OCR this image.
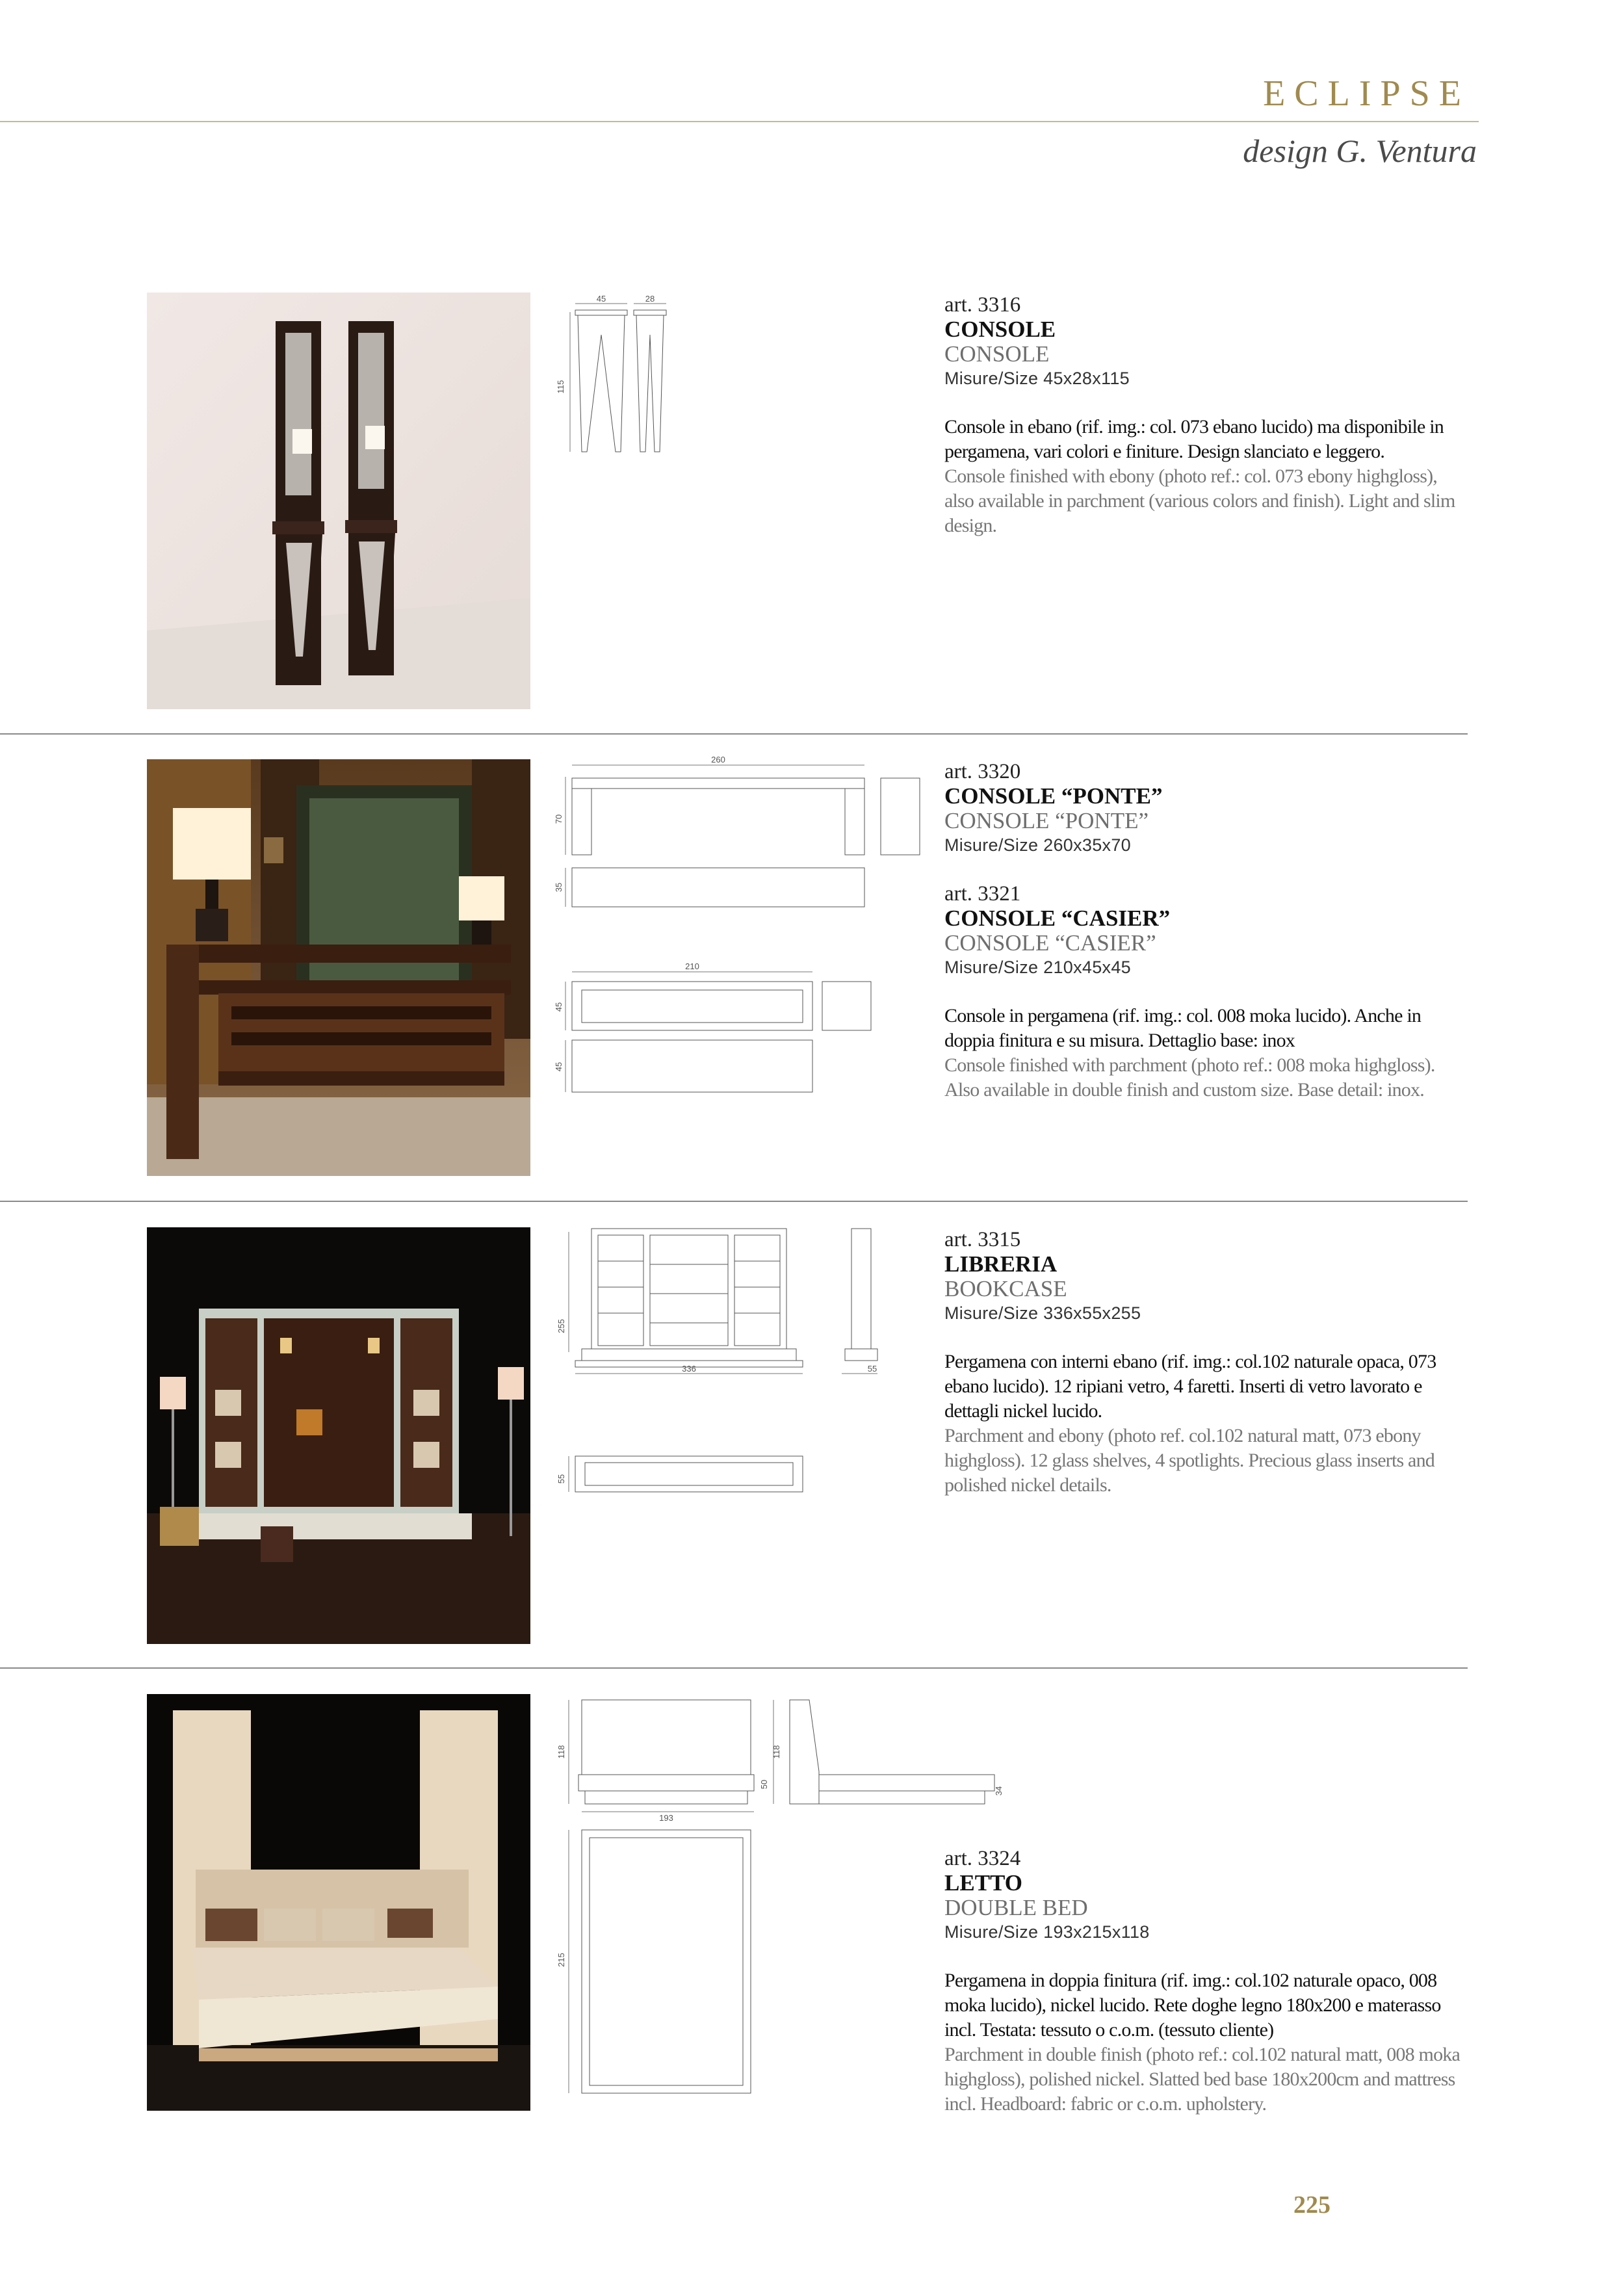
ECLIPSE
design G. Ventura
45	28
115
art. 3316
CONSOLE
CONSOLE
Misure/Size 45x28x115
Console in ebano (rif. img.: col. 073 ebano lucido) ma disponibile in pergamena, vari colori e finiture. Design slanciato e leggero.
Console finished with ebony (photo ref.: col. 073 ebony highgloss), also available in parchment (various colors and finish). Light and slim design.
260
70
35
210
45
45
art. 3320
CONSOLE “PONTE”
CONSOLE “PONTE”
Misure/Size 260x35x70
art. 3321
CONSOLE “CASIER”
CONSOLE “CASIER”
Misure/Size 210x45x45
Console in pergamena (rif. img.: col. 008 moka lucido). Anche in doppia finitura e su misura. Dettaglio base: inox
Console finished with parchment (photo ref.: 008 moka highgloss). Also available in double finish and custom size. Base detail: inox.
255
336	55
55
art. 3315
LIBRERIA
BOOKCASE
Misure/Size 336x55x255
Pergamena con interni ebano (rif. img.: col.102 naturale opaca, 073 ebano lucido). 12 ripiani vetro, 4 faretti. Inserti di vetro lavorato e dettagli nickel lucido.
Parchment and ebony (photo ref. col.102 natural matt, 073 ebony highgloss). 12 glass shelves, 4 spotlights. Precious glass inserts and polished nickel details.
118
193
118
50
34
215
art. 3324
LETTO
DOUBLE BED
Misure/Size 193x215x118
Pergamena in doppia finitura (rif. img.: col.102 naturale opaco, 008 moka lucido), nickel lucido. Rete doghe legno 180x200 e materasso incl. Testata: tessuto o c.o.m. (tessuto cliente)
Parchment in double finish (photo ref.: col.102 natural matt, 008 moka highgloss), polished nickel. Slatted bed base 180x200cm and mattress incl. Headboard: fabric or c.o.m. upholstery.
225
